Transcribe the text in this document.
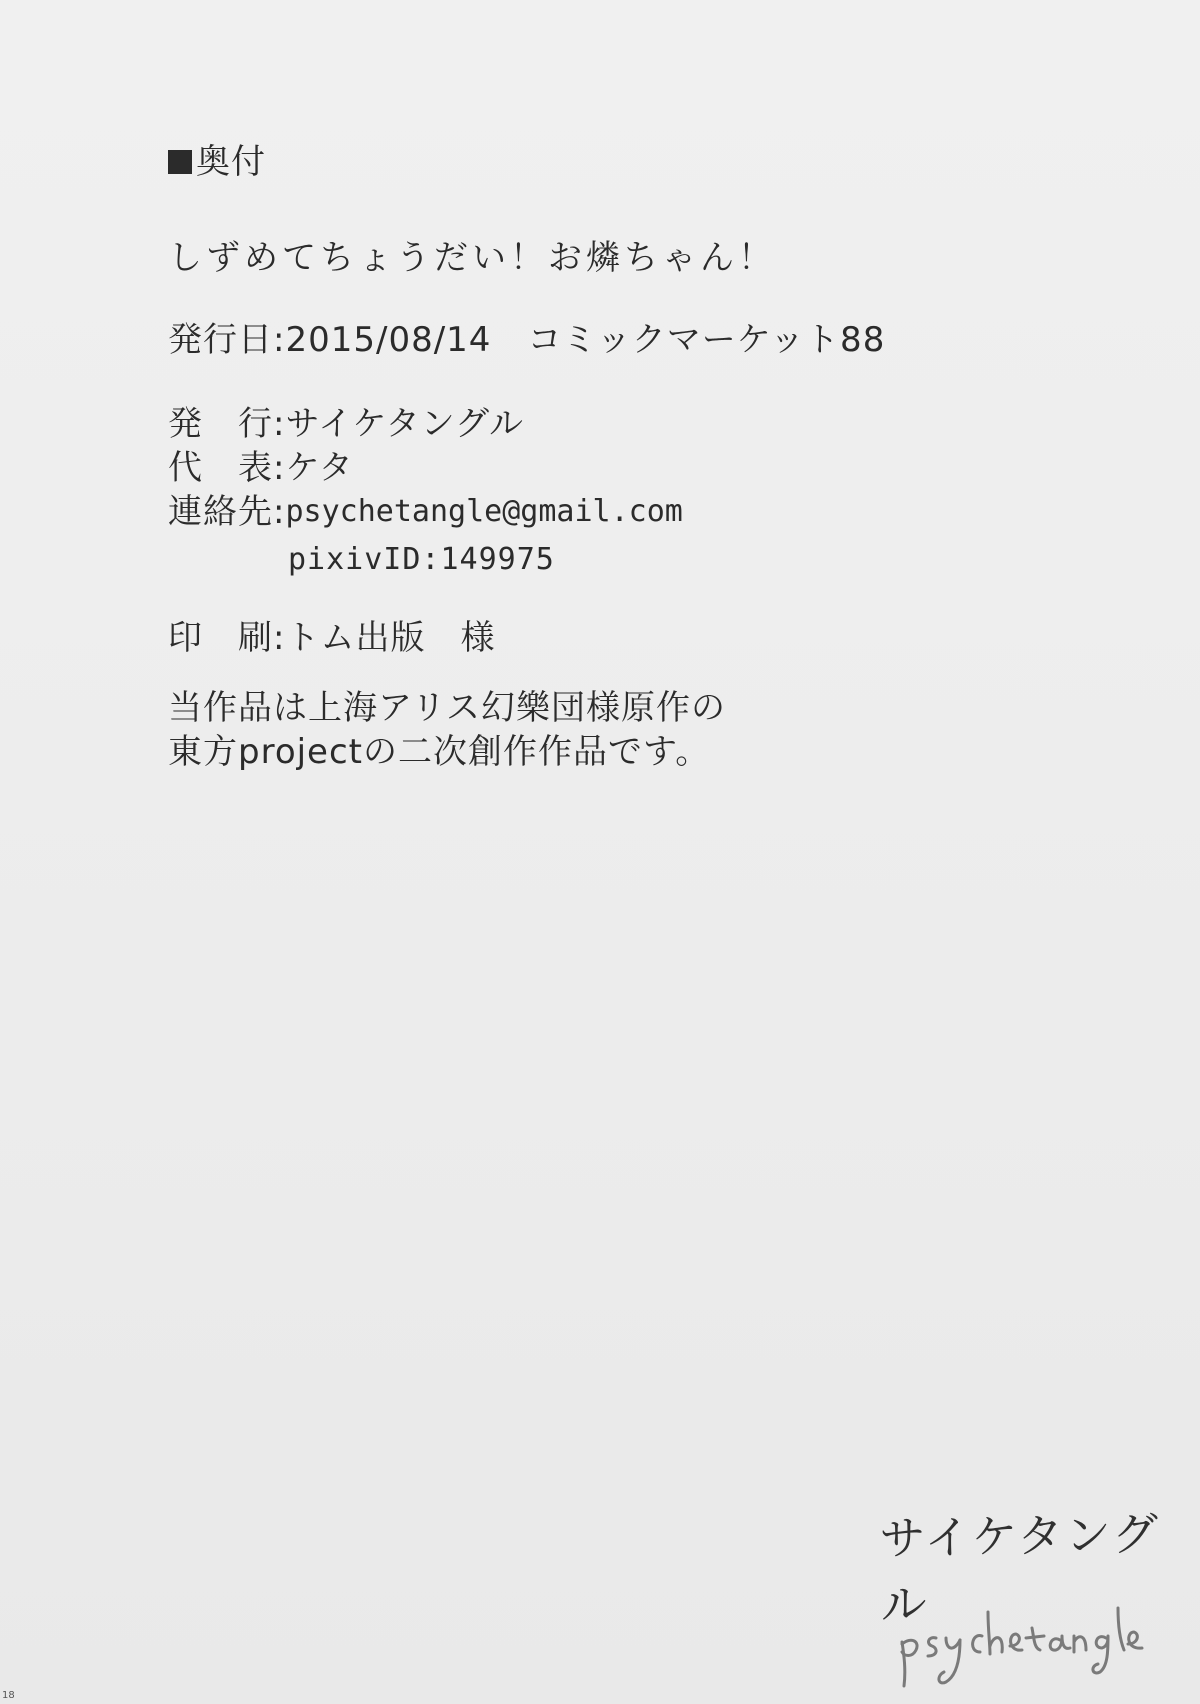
奥付
しずめてちょうだい！お燐ちゃん！
発行日:2015/08/14 コミックマーケット88
発　行: サイケタングル
代　表: ケタ
連絡先: psychetangle@gmail.com
pixivID:149975
印　刷: トム出版　様
当作品は上海アリス幻樂団様原作の
東方projectの二次創作作品です。
サイケタングル
18
